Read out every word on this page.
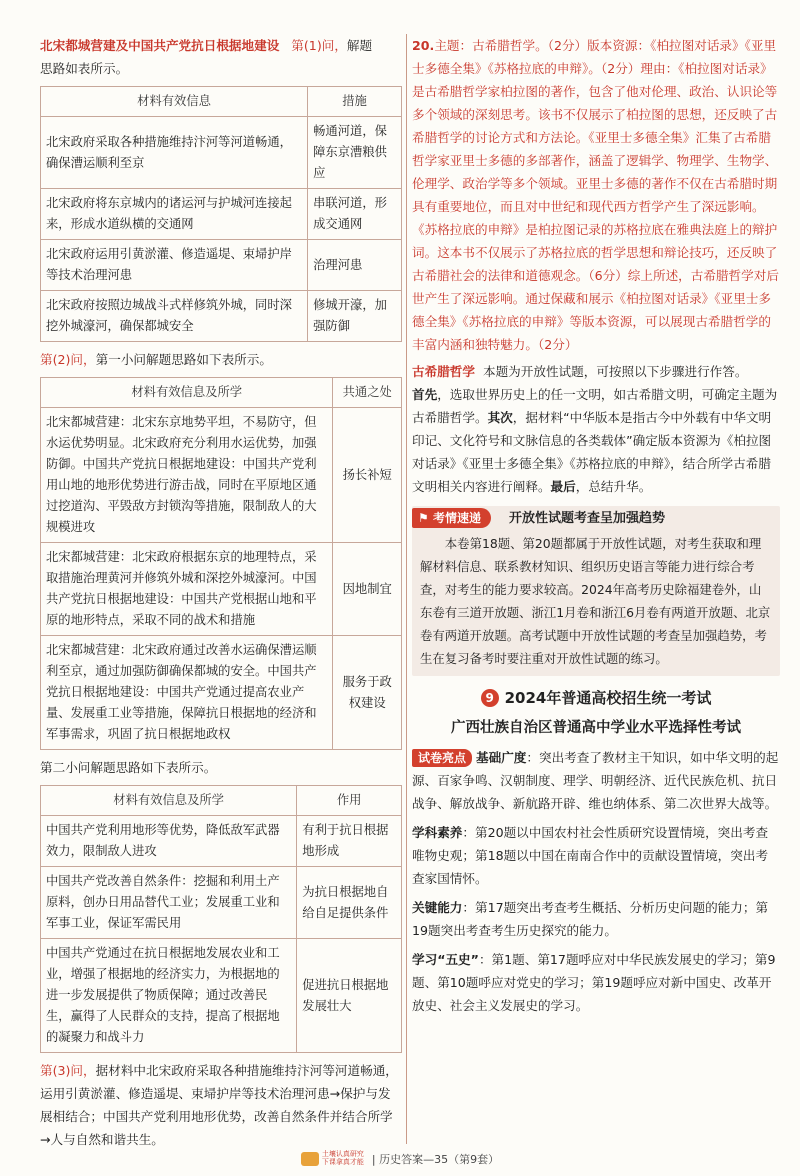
北宋都城营建及中国共产党抗日根据地建设 第(1)问，解题
思路如表所示。

材料有效信息	措施
北宋政府采取各种措施维持汴河等河道畅通，确保漕运顺利至京	畅通河道，保障东京漕粮供应
北宋政府将东京城内的诸运河与护城河连接起来，形成水道纵横的交通网	串联河道，形成交通网
北宋政府运用引黄淤灌、修造遥堤、束埽护岸等技术治理河患	治理河患
北宋政府按照边城战斗式样修筑外城，同时深挖外城濠河，确保都城安全	修城开濠，加强防御

第(2)问，第一小问解题思路如下表所示。

材料有效信息及所学	共通之处
北宋都城营建：北宋东京地势平坦，不易防守，但水运优势明显。北宋政府充分利用水运优势，加强防御。中国共产党抗日根据地建设：中国共产党利用山地的地形优势进行游击战，同时在平原地区通过挖道沟、平毁敌方封锁沟等措施，限制敌人的大规模进攻	扬长补短
北宋都城营建：北宋政府根据东京的地理特点，采取措施治理黄河并修筑外城和深挖外城濠河。中国共产党抗日根据地建设：中国共产党根据山地和平原的地形特点，采取不同的战术和措施	因地制宜
北宋都城营建：北宋政府通过改善水运确保漕运顺利至京，通过加强防御确保都城的安全。中国共产党抗日根据地建设：中国共产党通过提高农业产量、发展重工业等措施，保障抗日根据地的经济和军事需求，巩固了抗日根据地政权	服务于政权建设

第二小问解题思路如下表所示。

材料有效信息及所学	作用
中国共产党利用地形等优势，降低敌军武器效力，限制敌人进攻	有利于抗日根据地形成
中国共产党改善自然条件：挖掘和利用土产原料，创办日用品替代工业；发展重工业和军事工业，保证军需民用	为抗日根据地自给自足提供条件
中国共产党通过在抗日根据地发展农业和工业，增强了根据地的经济实力，为根据地的进一步发展提供了物质保障；通过改善民生，赢得了人民群众的支持，提高了根据地的凝聚力和战斗力	促进抗日根据地发展壮大

第(3)问，据材料中北宋政府采取各种措施维持汴河等河道畅通，运用引黄淤灌、修造遥堤、束埽护岸等技术治理河患→保护与发展相结合；中国共产党利用地形优势，改善自然条件并结合所学→人与自然和谐共生。

20.主题：古希腊哲学。（2分）版本资源：《柏拉图对话录》《亚里士多德全集》《苏格拉底的申辩》。（2分）理由：《柏拉图对话录》是古希腊哲学家柏拉图的著作，包含了他对伦理、政治、认识论等多个领域的深刻思考。该书不仅展示了柏拉图的思想，还反映了古希腊哲学的讨论方式和方法论。《亚里士多德全集》汇集了古希腊哲学家亚里士多德的多部著作，涵盖了逻辑学、物理学、生物学、伦理学、政治学等多个领域。亚里士多德的著作不仅在古希腊时期具有重要地位，而且对中世纪和现代西方哲学产生了深远影响。《苏格拉底的申辩》是柏拉图记录的苏格拉底在雅典法庭上的辩护词。这本书不仅展示了苏格拉底的哲学思想和辩论技巧，还反映了古希腊社会的法律和道德观念。（6分）综上所述，古希腊哲学对后世产生了深远影响。通过保藏和展示《柏拉图对话录》《亚里士多德全集》《苏格拉底的申辩》等版本资源，可以展现古希腊哲学的丰富内涵和独特魅力。（2分）

古希腊哲学 本题为开放性试题，可按照以下步骤进行作答。
首先，选取世界历史上的任一文明，如古希腊文明，可确定主题为古希腊哲学。其次，据材料“中华版本是指古今中外载有中华文明印记、文化符号和文脉信息的各类载体”确定版本资源为《柏拉图对话录》《亚里士多德全集》《苏格拉底的申辩》，结合所学古希腊文明相关内容进行阐释。最后，总结升华。

⚑ 考情速递	开放性试题考查呈加强趋势

本卷第18题、第20题都属于开放性试题，对考生获取和理解材料信息、联系教材知识、组织历史语言等能力进行综合考查，对考生的能力要求较高。2024年高考历史除福建卷外，山东卷有三道开放题、浙江1月卷和浙江6月卷有两道开放题、北京卷有两道开放题。高考试题中开放性试题的考查呈加强趋势，考生在复习备考时要注重对开放性试题的练习。

9 2024年普通高校招生统一考试
广西壮族自治区普通高中学业水平选择性考试

试卷亮点 基础广度：突出考查了教材主干知识，如中华文明的起源、百家争鸣、汉朝制度、理学、明朝经济、近代民族危机、抗日战争、解放战争、新航路开辟、维也纳体系、第二次世界大战等。

学科素养：第20题以中国农村社会性质研究设置情境，突出考查唯物史观；第18题以中国在南南合作中的贡献设置情境，突出考查家国情怀。

关键能力：第17题突出考查考生概括、分析历史问题的能力；第19题突出考查考生历史探究的能力。

学习“五史”：第1题、第17题呼应对中华民族发展史的学习；第9题、第10题呼应对党史的学习；第19题呼应对新中国史、改革开放史、社会主义发展史的学习。

土壤认真研究
下课拿真才能 | 历史答案—35（第9套）
